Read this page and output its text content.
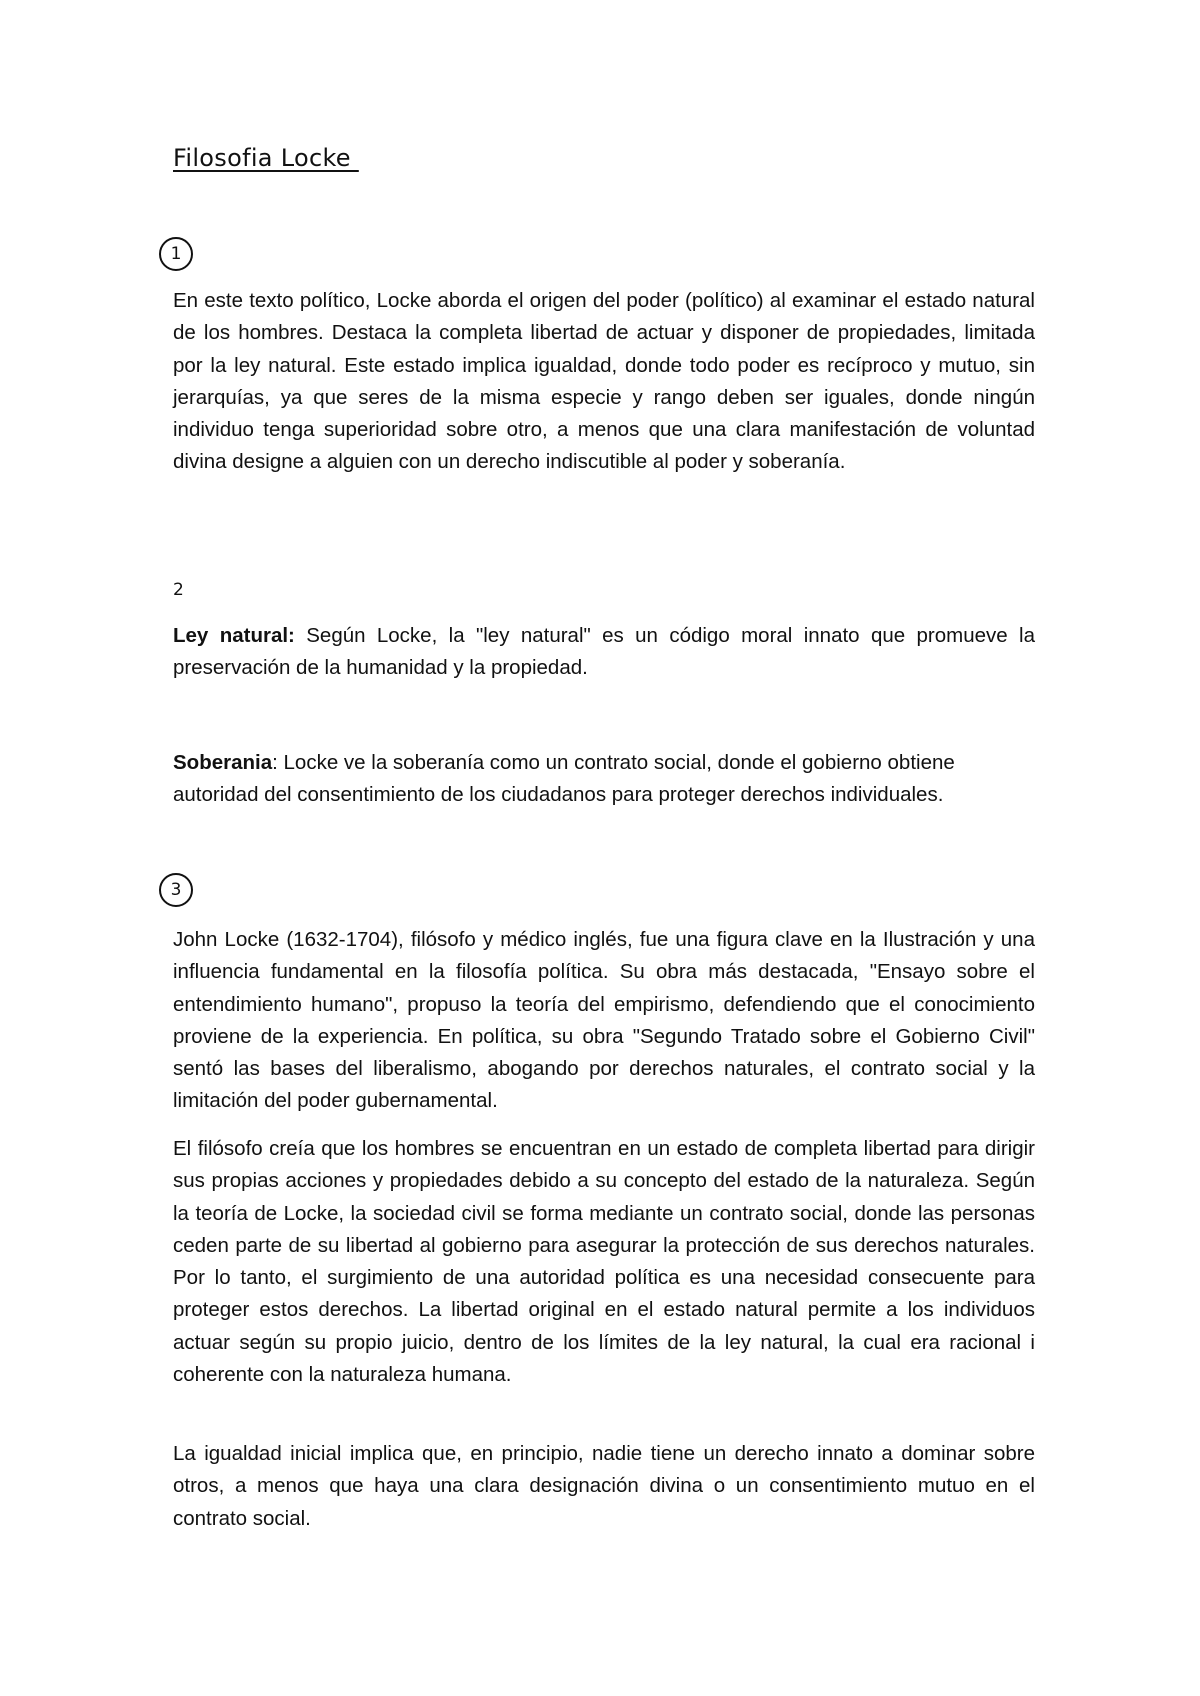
Filosofia Locke
1

En este texto político, Locke aborda el origen del poder (político) al examinar el estado natural de los hombres. Destaca la completa libertad de actuar y disponer de propiedades, limitada por la ley natural. Este estado implica igualdad, donde todo poder es recíproco y mutuo, sin jerarquías, ya que seres de la misma especie y rango deben ser iguales, donde ningún individuo tenga superioridad sobre otro, a menos que una clara manifestación de voluntad divina designe a alguien con un derecho indiscutible al poder y soberanía.

2

Ley natural: Según Locke, la "ley natural" es un código moral innato que promueve la preservación de la humanidad y la propiedad.

Soberania: Locke ve la soberanía como un contrato social, donde el gobierno obtiene autoridad del consentimiento de los ciudadanos para proteger derechos individuales.

3

John Locke (1632-1704), filósofo y médico inglés, fue una figura clave en la Ilustración y una influencia fundamental en la filosofía política. Su obra más destacada, "Ensayo sobre el entendimiento humano", propuso la teoría del empirismo, defendiendo que el conocimiento proviene de la experiencia. En política, su obra "Segundo Tratado sobre el Gobierno Civil" sentó las bases del liberalismo, abogando por derechos naturales, el contrato social y la limitación del poder gubernamental.

El filósofo creía que los hombres se encuentran en un estado de completa libertad para dirigir sus propias acciones y propiedades debido a su concepto del estado de la naturaleza. Según la teoría de Locke, la sociedad civil se forma mediante un contrato social, donde las personas ceden parte de su libertad al gobierno para asegurar la protección de sus derechos naturales. Por lo tanto, el surgimiento de una autoridad política es una necesidad consecuente para proteger estos derechos. La libertad original en el estado natural permite a los individuos actuar según su propio juicio, dentro de los límites de la ley natural, la cual era racional i coherente con la naturaleza humana.

La igualdad inicial implica que, en principio, nadie tiene un derecho innato a dominar sobre otros, a menos que haya una clara designación divina o un consentimiento mutuo en el contrato social.
